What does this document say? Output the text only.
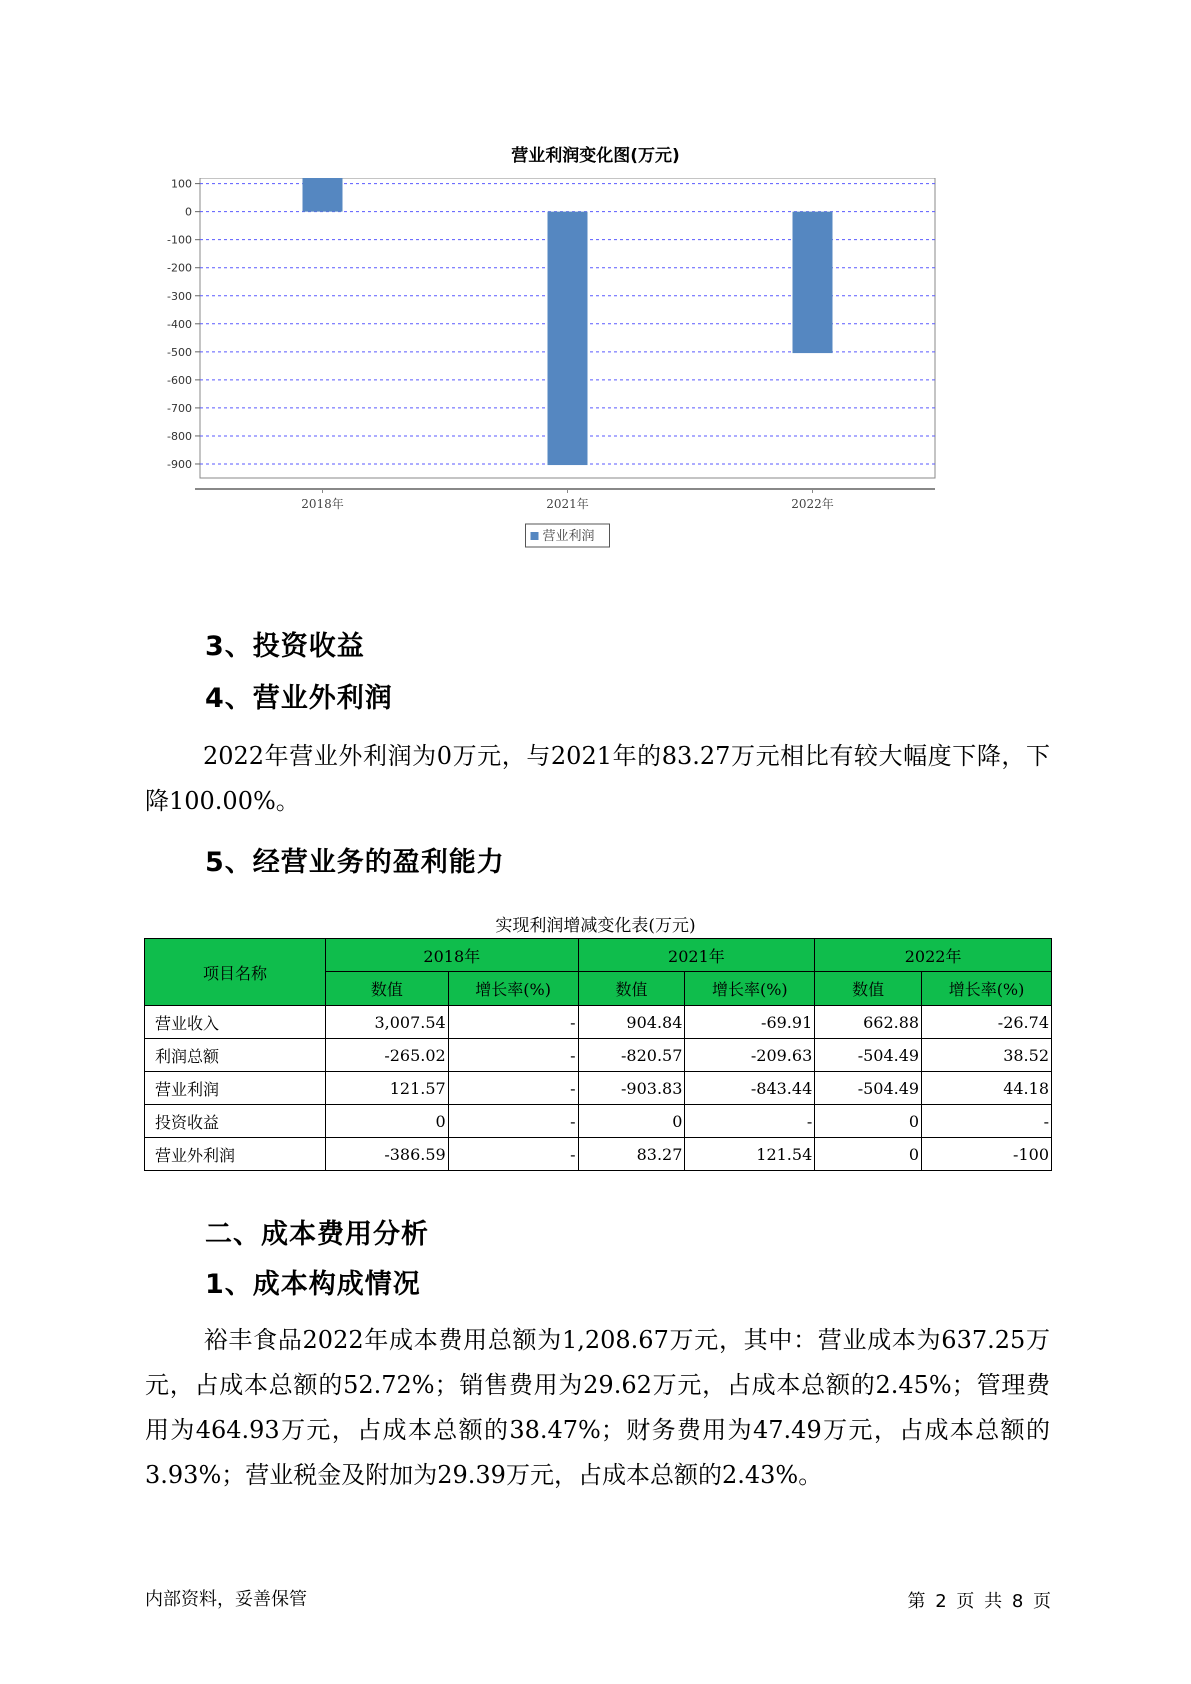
营业利润变化图(万元)
100
0
-100
-200
-300
-400
-500
-600
-700
-800
-900
2018年	2021年	2022年
营业利润
3、投资收益
4、营业外利润
2022年营业外利润为0万元，与2021年的83.27万元相比有较大幅度下降，下降100.00%。
5、经营业务的盈利能力
实现利润增减变化表(万元)
项目名称	2018年		2021年		2022年	
	数值	增长率(%)	数值	增长率(%)	数值	增长率(%)
营业收入	3,007.54	-	904.84	-69.91	662.88	-26.74
利润总额	-265.02	-	-820.57	-209.63	-504.49	38.52
营业利润	121.57	-	-903.83	-843.44	-504.49	44.18
投资收益	0	-	0	-	0	-
营业外利润	-386.59	-	83.27	121.54	0	-100
二、成本费用分析
1、成本构成情况
裕丰食品2022年成本费用总额为1,208.67万元，其中：营业成本为637.25万元，占成本总额的52.72%；销售费用为29.62万元，占成本总额的2.45%；管理费用为464.93万元，占成本总额的38.47%；财务费用为47.49万元，占成本总额的3.93%；营业税金及附加为29.39万元，占成本总额的2.43%。
内部资料，妥善保管	第 2 页 共 8 页
